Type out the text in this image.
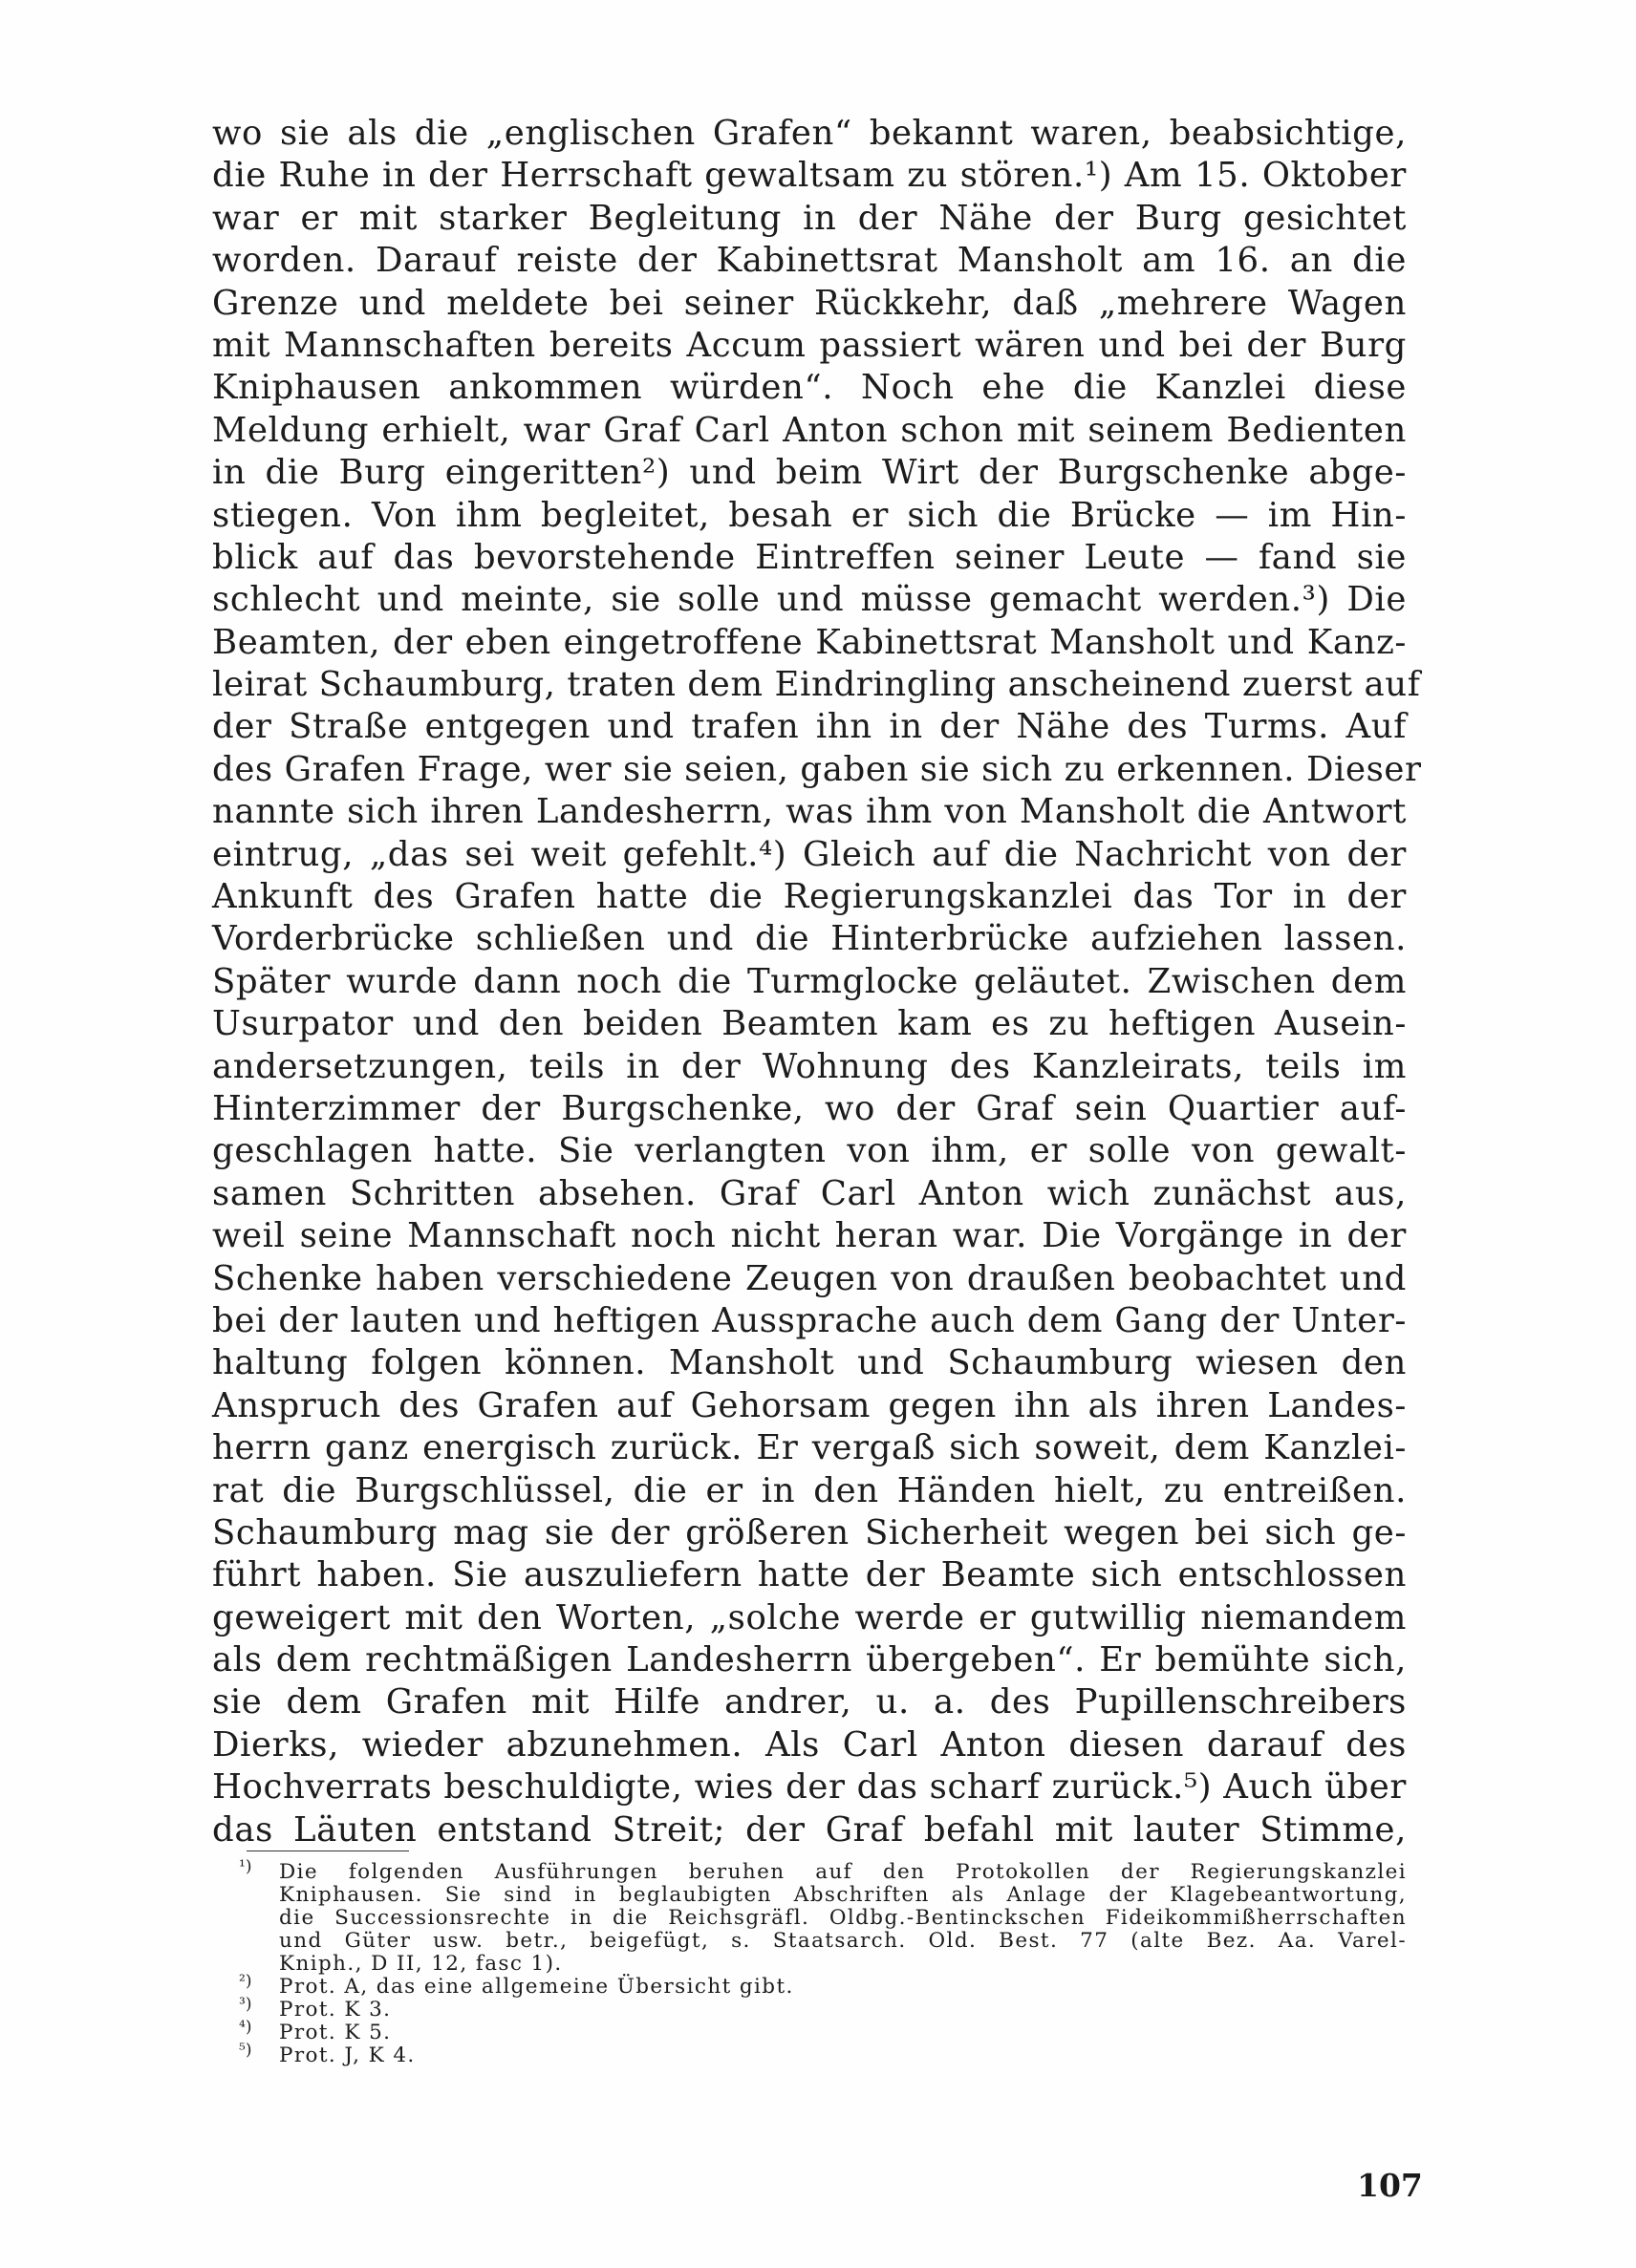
wo sie als die „englischen Grafen“ bekannt waren, beabsichtige,
die Ruhe in der Herrschaft gewaltsam zu stören.¹) Am 15. Oktober
war er mit starker Begleitung in der Nähe der Burg gesichtet
worden. Darauf reiste der Kabinettsrat Mansholt am 16. an die
Grenze und meldete bei seiner Rückkehr, daß „mehrere Wagen
mit Mannschaften bereits Accum passiert wären und bei der Burg
Kniphausen ankommen würden“. Noch ehe die Kanzlei diese
Meldung erhielt, war Graf Carl Anton schon mit seinem Bedienten
in die Burg eingeritten²) und beim Wirt der Burgschenke abge-
stiegen. Von ihm begleitet, besah er sich die Brücke — im Hin-
blick auf das bevorstehende Eintreffen seiner Leute — fand sie
schlecht und meinte, sie solle und müsse gemacht werden.³) Die
Beamten, der eben eingetroffene Kabinettsrat Mansholt und Kanz-
leirat Schaumburg, traten dem Eindringling anscheinend zuerst auf
der Straße entgegen und trafen ihn in der Nähe des Turms. Auf
des Grafen Frage, wer sie seien, gaben sie sich zu erkennen. Dieser
nannte sich ihren Landesherrn, was ihm von Mansholt die Antwort
eintrug, „das sei weit gefehlt.⁴) Gleich auf die Nachricht von der
Ankunft des Grafen hatte die Regierungskanzlei das Tor in der
Vorderbrücke schließen und die Hinterbrücke aufziehen lassen.
Später wurde dann noch die Turmglocke geläutet. Zwischen dem
Usurpator und den beiden Beamten kam es zu heftigen Ausein-
andersetzungen, teils in der Wohnung des Kanzleirats, teils im
Hinterzimmer der Burgschenke, wo der Graf sein Quartier auf-
geschlagen hatte. Sie verlangten von ihm, er solle von gewalt-
samen Schritten absehen. Graf Carl Anton wich zunächst aus,
weil seine Mannschaft noch nicht heran war. Die Vorgänge in der
Schenke haben verschiedene Zeugen von draußen beobachtet und
bei der lauten und heftigen Aussprache auch dem Gang der Unter-
haltung folgen können. Mansholt und Schaumburg wiesen den
Anspruch des Grafen auf Gehorsam gegen ihn als ihren Landes-
herrn ganz energisch zurück. Er vergaß sich soweit, dem Kanzlei-
rat die Burgschlüssel, die er in den Händen hielt, zu entreißen.
Schaumburg mag sie der größeren Sicherheit wegen bei sich ge-
führt haben. Sie auszuliefern hatte der Beamte sich entschlossen
geweigert mit den Worten, „solche werde er gutwillig niemandem
als dem rechtmäßigen Landesherrn übergeben“. Er bemühte sich,
sie dem Grafen mit Hilfe andrer, u. a. des Pupillenschreibers
Dierks, wieder abzunehmen. Als Carl Anton diesen darauf des
Hochverrats beschuldigte, wies der das scharf zurück.⁵) Auch über
das Läuten entstand Streit; der Graf befahl mit lauter Stimme,
¹)	Die folgenden Ausführungen beruhen auf den Protokollen der Regierungskanzlei
Kniphausen. Sie sind in beglaubigten Abschriften als Anlage der Klagebeantwortung,
die Successionsrechte in die Reichsgräfl. Oldbg.-Bentinckschen Fideikommißherrschaften
und Güter usw. betr., beigefügt, s. Staatsarch. Old. Best. 77 (alte Bez. Aa. Varel-
Kniph., D II, 12, fasc 1).
²)	Prot. A, das eine allgemeine Übersicht gibt.
³)	Prot. K 3.
⁴)	Prot. K 5.
⁵)	Prot. J, K 4.
107
